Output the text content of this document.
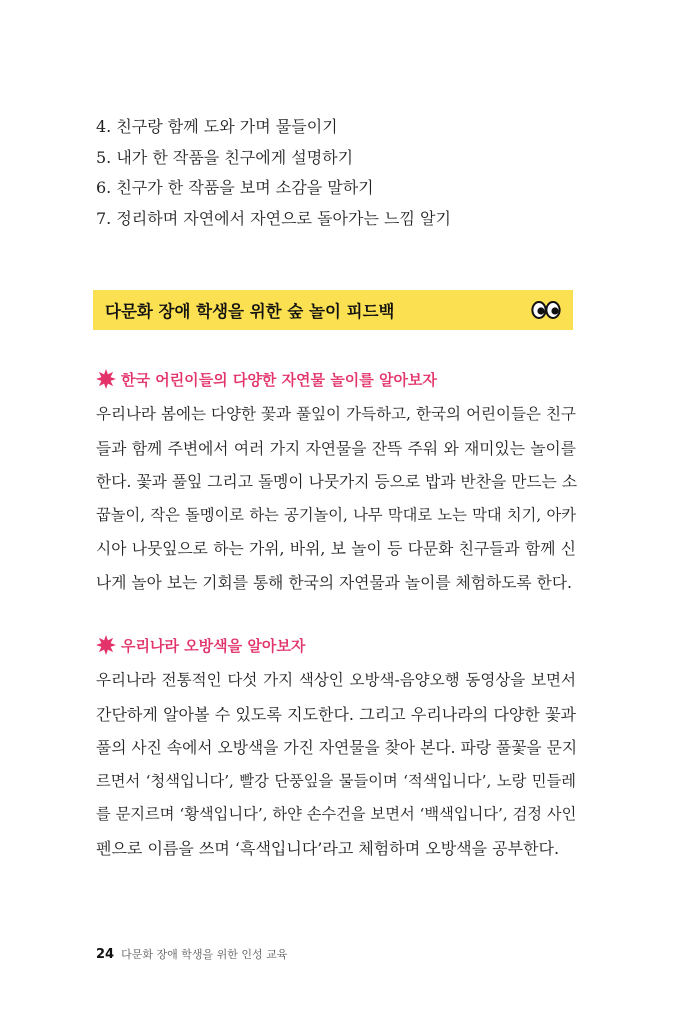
4. 친구랑 함께 도와 가며 물들이기
5. 내가 한 작품을 친구에게 설명하기
6. 친구가 한 작품을 보며 소감을 말하기
7. 정리하며 자연에서 자연으로 돌아가는 느낌 알기
다문화 장애 학생을 위한 숲 놀이 피드백
한국 어린이들의 다양한 자연물 놀이를 알아보자
우리나라 봄에는 다양한 꽃과 풀잎이 가득하고, 한국의 어린이들은 친구
들과 함께 주변에서 여러 가지 자연물을 잔뜩 주워 와 재미있는 놀이를
한다. 꽃과 풀잎 그리고 돌멩이 나뭇가지 등으로 밥과 반찬을 만드는 소
꿉놀이, 작은 돌멩이로 하는 공기놀이, 나무 막대로 노는 막대 치기, 아카
시아 나뭇잎으로 하는 가위, 바위, 보 놀이 등 다문화 친구들과 함께 신
나게 놀아 보는 기회를 통해 한국의 자연물과 놀이를 체험하도록 한다.
우리나라 오방색을 알아보자
우리나라 전통적인 다섯 가지 색상인 오방색-음양오행 동영상을 보면서
간단하게 알아볼 수 있도록 지도한다. 그리고 우리나라의 다양한 꽃과
풀의 사진 속에서 오방색을 가진 자연물을 찾아 본다. 파랑 풀꽃을 문지
르면서 ‘청색입니다’, 빨강 단풍잎을 물들이며 ‘적색입니다’, 노랑 민들레
를 문지르며 ‘황색입니다’, 하얀 손수건을 보면서 ‘백색입니다’, 검정 사인
펜으로 이름을 쓰며 ‘흑색입니다’라고 체험하며 오방색을 공부한다.
24 다문화 장애 학생을 위한 인성 교육
